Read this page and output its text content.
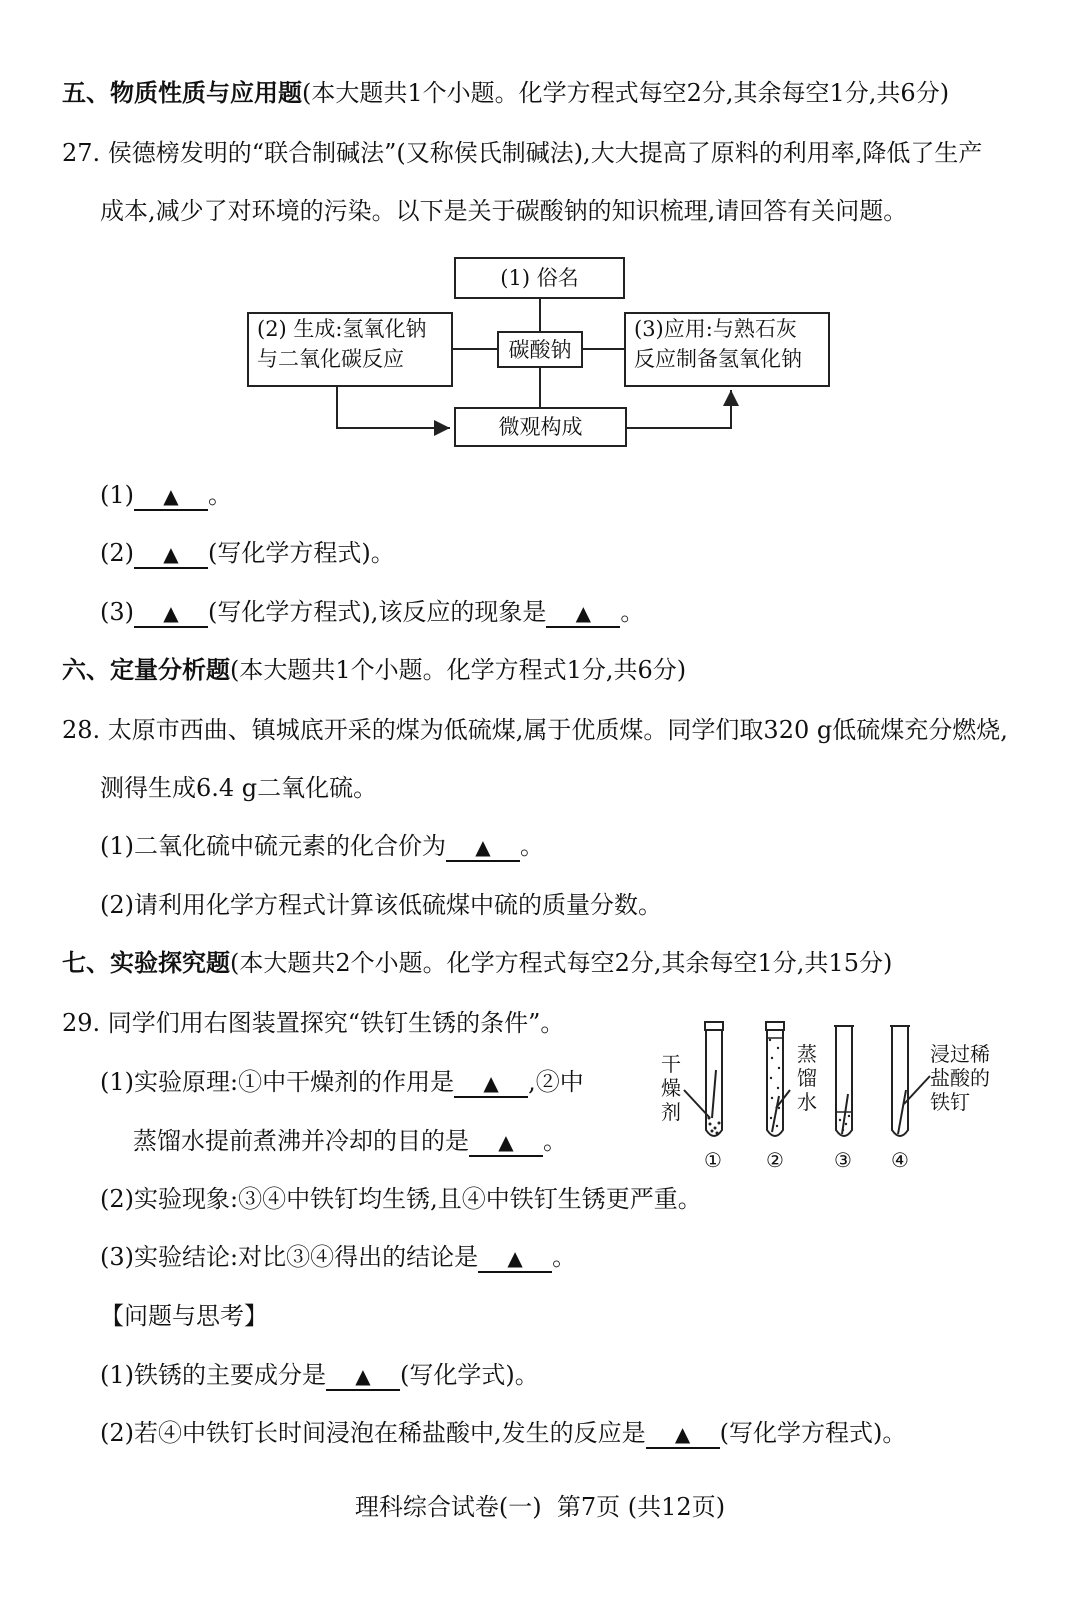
五、物质性质与应用题(本大题共1个小题。化学方程式每空2分,其余每空1分,共6分)
27. 侯德榜发明的“联合制碱法”(又称侯氏制碱法),大大提高了原料的利用率,降低了生产
成本,减少了对环境的污染。以下是关于碳酸钠的知识梳理,请回答有关问题。
(1) 俗名
碳酸钠
(2) 生成:氢氧化钠
与二氧化碳反应
(3)应用:与熟石灰
反应制备氢氧化钠
微观构成
(1) ▲ 。
(2) ▲ (写化学方程式)。
(3) ▲ (写化学方程式),该反应的现象是 ▲ 。
六、定量分析题(本大题共1个小题。化学方程式1分,共6分)
28. 太原市西曲、镇城底开采的煤为低硫煤,属于优质煤。同学们取320 g低硫煤充分燃烧,
测得生成6.4 g二氧化硫。
(1)二氧化硫中硫元素的化合价为 ▲ 。
(2)请利用化学方程式计算该低硫煤中硫的质量分数。
七、实验探究题(本大题共2个小题。化学方程式每空2分,其余每空1分,共15分)
29. 同学们用右图装置探究“铁钉生锈的条件”。
(1)实验原理:①中干燥剂的作用是 ▲ ,②中
蒸馏水提前煮沸并冷却的目的是 ▲ 。
(2)实验现象:③④中铁钉均生锈,且④中铁钉生锈更严重。
(3)实验结论:对比③④得出的结论是 ▲ 。
【问题与思考】
(1)铁锈的主要成分是 ▲ (写化学式)。
(2)若④中铁钉长时间浸泡在稀盐酸中,发生的反应是 ▲ (写化学方程式)。
干
燥
剂
蒸
馏
水
浸过稀
盐酸的
铁钉
① ②	③ ④
理科综合试卷(一)  第7页 (共12页)
